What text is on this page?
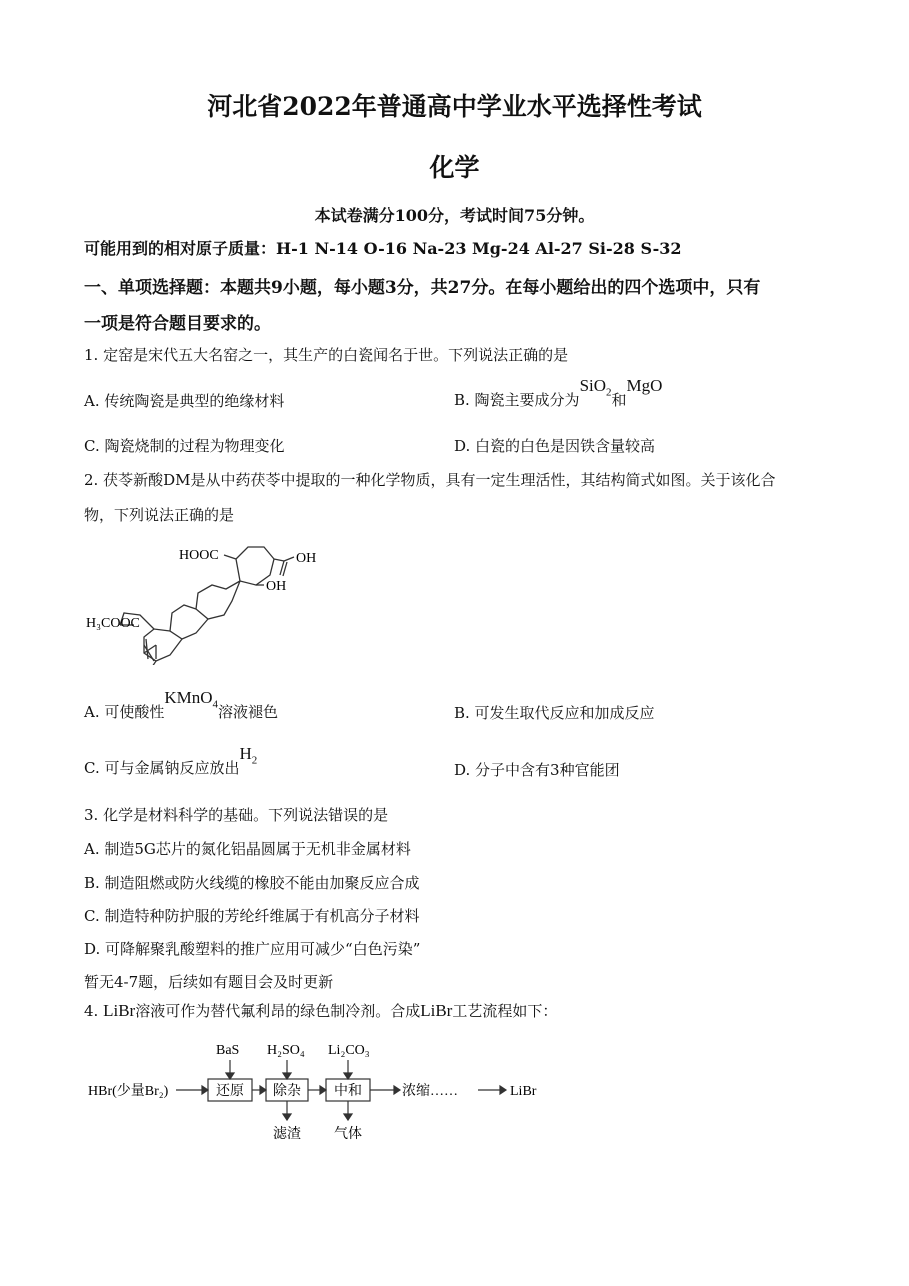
河北省2022年普通高中学业水平选择性考试
化学
本试卷满分100分，考试时间75分钟。
可能用到的相对原子质量：H-1 N-14 O-16 Na-23 Mg-24 Al-27 Si-28 S-32
一、单项选择题：本题共9小题，每小题3分，共27分。在每小题给出的四个选项中，只有
一项是符合题目要求的。
1. 定窑是宋代五大名窑之一，其生产的白瓷闻名于世。下列说法正确的是
A. 传统陶瓷是典型的绝缘材料	B. 陶瓷主要成分为SiO$_2$和MgO
C. 陶瓷烧制的过程为物理变化	D. 白瓷的白色是因铁含量较高
2. 茯苓新酸DM是从中药茯苓中提取的一种化学物质，具有一定生理活性，其结构简式如图。关于该化合
物，下列说法正确的是
HOOC	OH
OH
H₃COOC
A. 可使酸性KMnO$_4$溶液褪色	B. 可发生取代反应和加成反应
C. 可与金属钠反应放出$H_2$
D. 分子中含有3种官能团
3. 化学是材料科学的基础。下列说法错误的是
A. 制造5G芯片的氮化铝晶圆属于无机非金属材料
B. 制造阻燃或防火线缆的橡胶不能由加聚反应合成
C. 制造特种防护服的芳纶纤维属于有机高分子材料
D. 可降解聚乳酸塑料的推广应用可减少“白色污染”
暂无4-7题，后续如有题目会及时更新
4. LiBr溶液可作为替代氟利昂的绿色制冷剂。合成LiBr工艺流程如下：
HBr(少量Br₂)
BaS H₂SO₄ Li₂CO₃
还原 除杂 中和
滤渣 气体
浓缩……	LiBr
